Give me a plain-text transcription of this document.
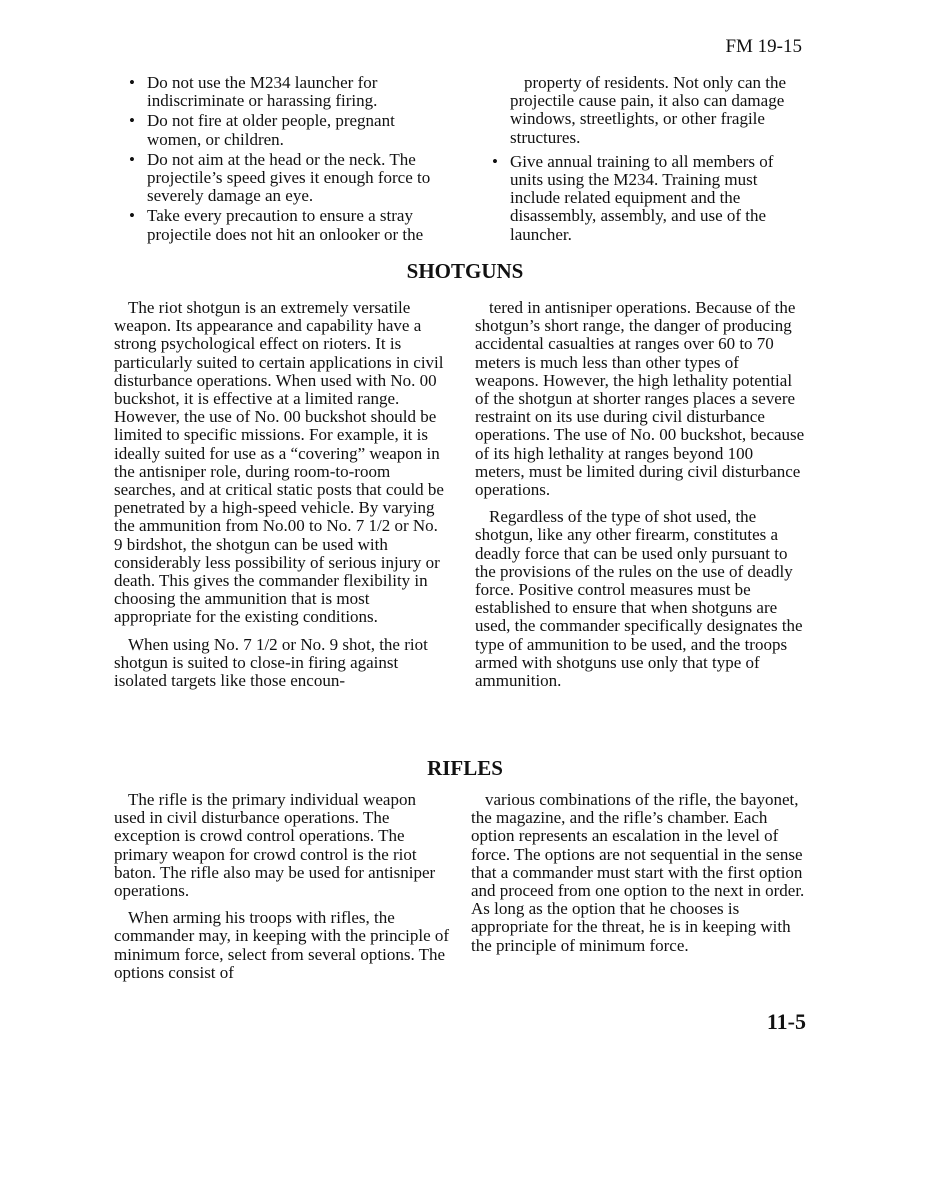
FM 19-15
• Do not use the M234 launcher for indiscriminate or harassing firing.
• Do not fire at older people, pregnant women, or children.
• Do not aim at the head or the neck. The projectile’s speed gives it enough force to severely damage an eye.
• Take every precaution to ensure a stray projectile does not hit an onlooker or the

property of residents. Not only can the projectile cause pain, it also can damage windows, streetlights, or other fragile structures.

• Give annual training to all members of units using the M234. Training must include related equipment and the disassembly, assembly, and use of the launcher.
SHOTGUNS

The riot shotgun is an extremely versatile weapon. Its appearance and capability have a strong psychological effect on rioters. It is particularly suited to certain applications in civil disturbance operations. When used with No. 00 buckshot, it is effective at a limited range. However, the use of No. 00 buckshot should be limited to specific missions. For example, it is ideally suited for use as a “covering” weapon in the antisniper role, during room-to-room searches, and at critical static posts that could be penetrated by a high-speed vehicle. By varying the ammunition from No.00 to No. 7 1/2 or No. 9 birdshot, the shotgun can be used with considerably less possibility of serious injury or death. This gives the commander flexibility in choosing the ammunition that is most appropriate for the existing conditions.

When using No. 7 1/2 or No. 9 shot, the riot shotgun is suited to close-in firing against isolated targets like those encoun-

tered in antisniper operations. Because of the shotgun’s short range, the danger of producing accidental casualties at ranges over 60 to 70 meters is much less than other types of weapons. However, the high lethality potential of the shotgun at shorter ranges places a severe restraint on its use during civil disturbance operations. The use of No. 00 buckshot, because of its high lethality at ranges beyond 100 meters, must be limited during civil disturbance operations.

Regardless of the type of shot used, the shotgun, like any other firearm, constitutes a deadly force that can be used only pursuant to the provisions of the rules on the use of deadly force. Positive control measures must be established to ensure that when shotguns are used, the commander specifically designates the type of ammunition to be used, and the troops armed with shotguns use only that type of ammunition.

RIFLES

The rifle is the primary individual weapon used in civil disturbance operations. The exception is crowd control operations. The primary weapon for crowd control is the riot baton. The rifle also may be used for antisniper operations.

When arming his troops with rifles, the commander may, in keeping with the principle of minimum force, select from several options. The options consist of

various combinations of the rifle, the bayonet, the magazine, and the rifle’s chamber. Each option represents an escalation in the level of force. The options are not sequential in the sense that a commander must start with the first option and proceed from one option to the next in order. As long as the option that he chooses is appropriate for the threat, he is in keeping with the principle of minimum force.

11-5
